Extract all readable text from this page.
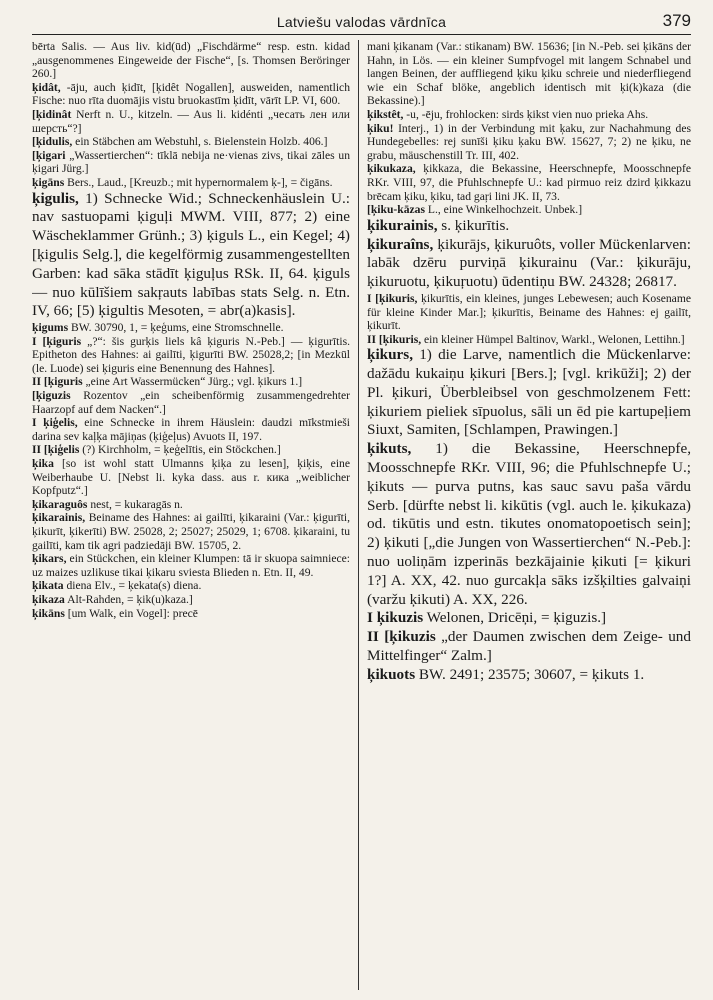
Latviešu valodas vārdnīca	379

bērta Salis. — Aus liv. kid(ūd) „Fischdärme“ resp. estn. kidad „ausgenommenes Eingeweide der Fische“, [s. Thomsen Beröringer 260.]

ķidât, -āju, auch ķidīt, [ķidêt Nogallen], ausweiden, namentlich Fische: nuo rīta duomājis vistu bruokastīm ķidīt, vārīt LP. VI, 600.

[ķidinât Nerft n. U., kitzeln. — Aus li. kidénti „чесать лен или шерсть“?]

[ķidulis, ein Stäbchen am Webstuhl, s. Bielenstein Holzb. 406.]

[ķigari „Wassertierchen“: tīklā nebija ne·vienas zivs, tikai zāles un ķigari Jürg.]

ķigāns Bers., Laud., [Kreuzb.; mit hypernormalem ķ-], = čigāns.

ķigulis, 1) Schnecke Wid.; Schneckenhäuslein U.: nav sastuopami ķiguļi MWM. VIII, 877; 2) eine Wäscheklammer Grünh.; 3) ķiguls L., ein Kegel; 4) [ķigulis Selg.], die kegelförmig zusammengestellten Garben: kad sāka stādīt ķiguļus RSk. II, 64. ķiguls — nuo kūlīšiem sakŗauts labības stats Selg. n. Etn. IV, 66; [5) ķigultis Mesoten, = abr(a)kasis].

ķigums BW. 30790, 1, = ķeģums, eine Stromschnelle.

I [ķiguris „?“: šis gurķis liels kâ ķiguris N.-Peb.] — ķigurītis. Epitheton des Hahnes: ai gailīti, ķigurīti BW. 25028,2; [in Mezkūl (le. Luode) sei ķiguris eine Benennung des Hahnes].

II [ķiguris „eine Art Wassermücken“ Jürg.; vgl. ķikurs 1.]

[ķiguzis Rozentov „ein scheibenförmig zusammengedrehter Haarzopf auf dem Nacken“.]

I ķiģelis, eine Schnecke in ihrem Häuslein: daudzi mīkstmieši darina sev kaļķa mājiņas (ķiģeļus) Avuots II, 197.

II [ķiģelis (?) Kirchholm, = ķeģelītis, ein Stöckchen.]

ķika [so ist wohl statt Ulmanns ķiķa zu lesen], ķiķis, eine Weiberhaube U. [Nebst li. kyka dass. aus r. кика „weiblicher Kopfputz“.]

ķikaraguôs nest, = kukaragās n.

ķikarainis, Beiname des Hahnes: ai gailīti, ķikaraini (Var.: ķigurīti, ķikurīt, ķikerīti) BW. 25028, 2; 25027; 25029, 1; 6708. ķikaraini, tu gailīti, kam tik agri padziedāji BW. 15705, 2.

ķikars, ein Stückchen, ein kleiner Klumpen: tā ir skuopa saimniece: uz maizes uzlikuse tikai ķikaru sviesta Blieden n. Etn. II, 49.

ķikata diena Elv., = ķekata(s) diena.

ķikaza Alt-Rahden, = ķik(u)kaza.]

ķikāns [um Walk, ein Vogel]: precē

mani ķikanam (Var.: stikanam) BW. 15636; [in N.-Peb. sei ķikāns der Hahn, in Lös. — ein kleiner Sumpfvogel mit langem Schnabel und langen Beinen, der auffliegend ķiku ķiku schreie und niederfliegend wie ein Schaf blöke, angeblich identisch mit ķi(k)kaza (die Bekassine).]

ķikstêt, -u, -ēju, frohlocken: sirds ķikst vien nuo prieka Ahs.

ķiku! Interj., 1) in der Verbindung mit ķaku, zur Nachahmung des Hundegebelles: rej sunīši ķiku ķaku BW. 15627, 7; 2) ne ķiku, ne grabu, mäuschenstill Tr. III, 402.

ķikukaza, ķikkaza, die Bekassine, Heerschnepfe, Moosschnepfe RKr. VIII, 97, die Pfuhlschnepfe U.: kad pirmuo reiz dzird ķikkazu brēcam ķiku, ķiku, tad gaŗi lini JK. II, 73.

[ķiku-kāzas L., eine Winkelhochzeit. Unbek.]

ķikurainis, s. ķikurītis.

ķikuraîns, ķikurājs, ķikuruôts, voller Mückenlarven: labāk dzēru purviņā ķikurainu (Var.: ķikurāju, ķikuruotu, ķikuŗuotu) ūdentiņu BW. 24328; 26817.

I [ķikuris, ķikurītis, ein kleines, junges Lebewesen; auch Kosename für kleine Kinder Mar.]; ķikurītis, Beiname des Hahnes: ej gailīt, ķikurīt.

II [ķikuris, ein kleiner Hümpel Baltinov, Warkl., Welonen, Lettihn.]

ķikurs, 1) die Larve, namentlich die Mückenlarve: dažādu kukaiņu ķikuri [Bers.]; [vgl. krikūži]; 2) der Pl. ķikuri, Überbleibsel von geschmolzenem Fett: ķikuriem pieliek sīpuolus, sāli un ēd pie kartupeļiem Siuxt, Samiten, [Schlampen, Prawingen.]

ķikuts, 1) die Bekassine, Heerschnepfe, Moosschnepfe RKr. VIII, 96; die Pfuhlschnepfe U.; ķikuts — purva putns, kas sauc savu paša vārdu Serb. [dürfte nebst li. kikūtis (vgl. auch le. ķikukaza) od. tikūtis und estn. tikutes onomatopoetisch sein]; 2) ķikuti [„die Jungen von Wassertierchen“ N.-Peb.]: nuo uoliņām izperinās bezkājainie ķikuti [= ķikuri 1?] A. XX, 42. nuo gurcakļa sāks izšķilties galvaiņi (varžu ķikuti) A. XX, 226.

I ķikuzis Welonen, Dricēņi, = ķiguzis.]

II [ķikuzis „der Daumen zwischen dem Zeige- und Mittelfinger“ Zalm.]

ķikuots BW. 2491; 23575; 30607, = ķikuts 1.
